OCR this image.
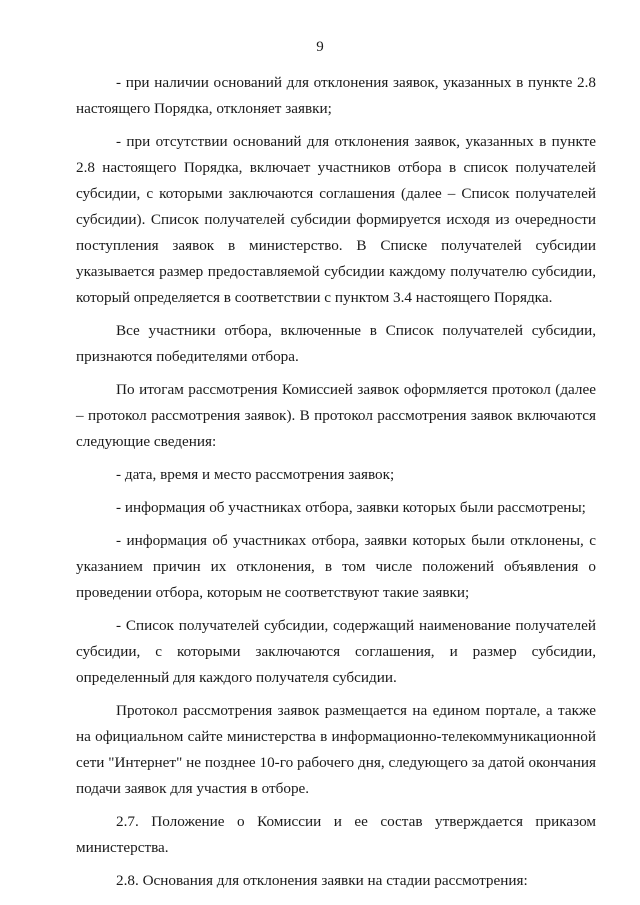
9

- при наличии оснований для отклонения заявок, указанных в пункте 2.8 настоящего Порядка, отклоняет заявки;

- при отсутствии оснований для отклонения заявок, указанных в пункте 2.8 настоящего Порядка, включает участников отбора в список получателей субсидии, с которыми заключаются соглашения (далее – Список получателей субсидии). Список получателей субсидии формируется исходя из очередности поступления заявок в министерство. В Списке получателей субсидии указывается размер предоставляемой субсидии каждому получателю субсидии, который определяется в соответствии с пунктом 3.4 настоящего Порядка.

Все участники отбора, включенные в Список получателей субсидии, признаются победителями отбора.

По итогам рассмотрения Комиссией заявок оформляется протокол (далее – протокол рассмотрения заявок). В протокол рассмотрения заявок включаются следующие сведения:

- дата, время и место рассмотрения заявок;

- информация об участниках отбора, заявки которых были рассмотрены;

- информация об участниках отбора, заявки которых были отклонены, с указанием причин их отклонения, в том числе положений объявления о проведении отбора, которым не соответствуют такие заявки;

- Список получателей субсидии, содержащий наименование получателей субсидии, с которыми заключаются соглашения, и размер субсидии, определенный для каждого получателя субсидии.

Протокол рассмотрения заявок размещается на едином портале, а также на официальном сайте министерства в информационно-телекоммуникационной сети "Интернет" не позднее 10-го рабочего дня, следующего за датой окончания подачи заявок для участия в отборе.

2.7. Положение о Комиссии и ее состав утверждается приказом министерства.

2.8. Основания для отклонения заявки на стадии рассмотрения:
